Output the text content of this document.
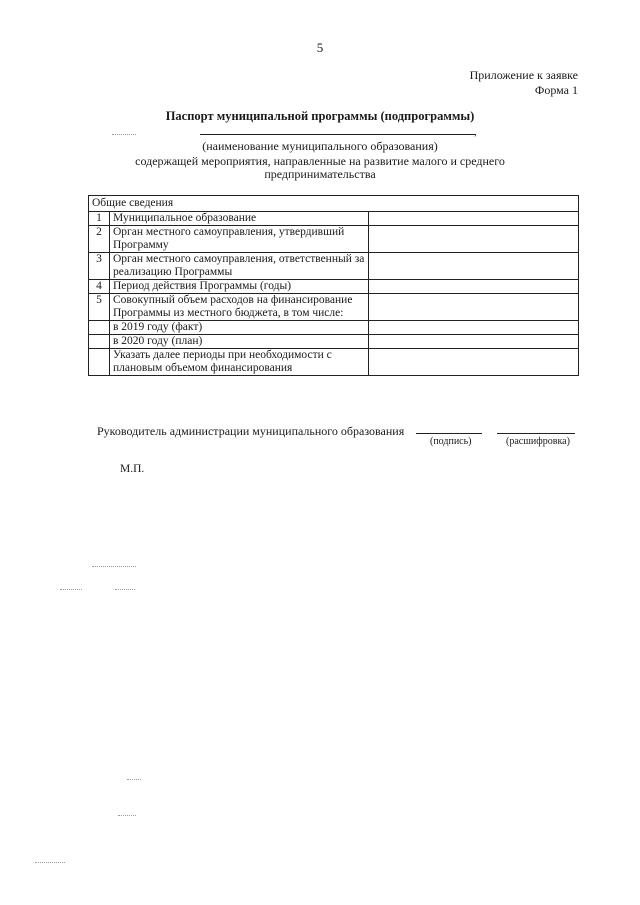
5
Приложение к заявке
Форма 1
Паспорт муниципальной программы (подпрограммы)
,
(наименование муниципального образования)
содержащей мероприятия, направленные на развитие малого и среднего
предпринимательства
Общие сведения		
1	Муниципальное образование	
2	Орган местного самоуправления, утвердивший Программу	
3	Орган местного самоуправления, ответственный за реализацию Программы	
4	Период действия Программы (годы)	
5	Совокупный объем расходов на финансирование Программы из местного бюджета, в том числе:	
	в 2019 году (факт)	
	в 2020 году (план)	
	Указать далее периоды при необходимости с плановым объемом финансирования	
Руководитель администрации муниципального образования
(подпись)	(расшифровка)
М.П.
